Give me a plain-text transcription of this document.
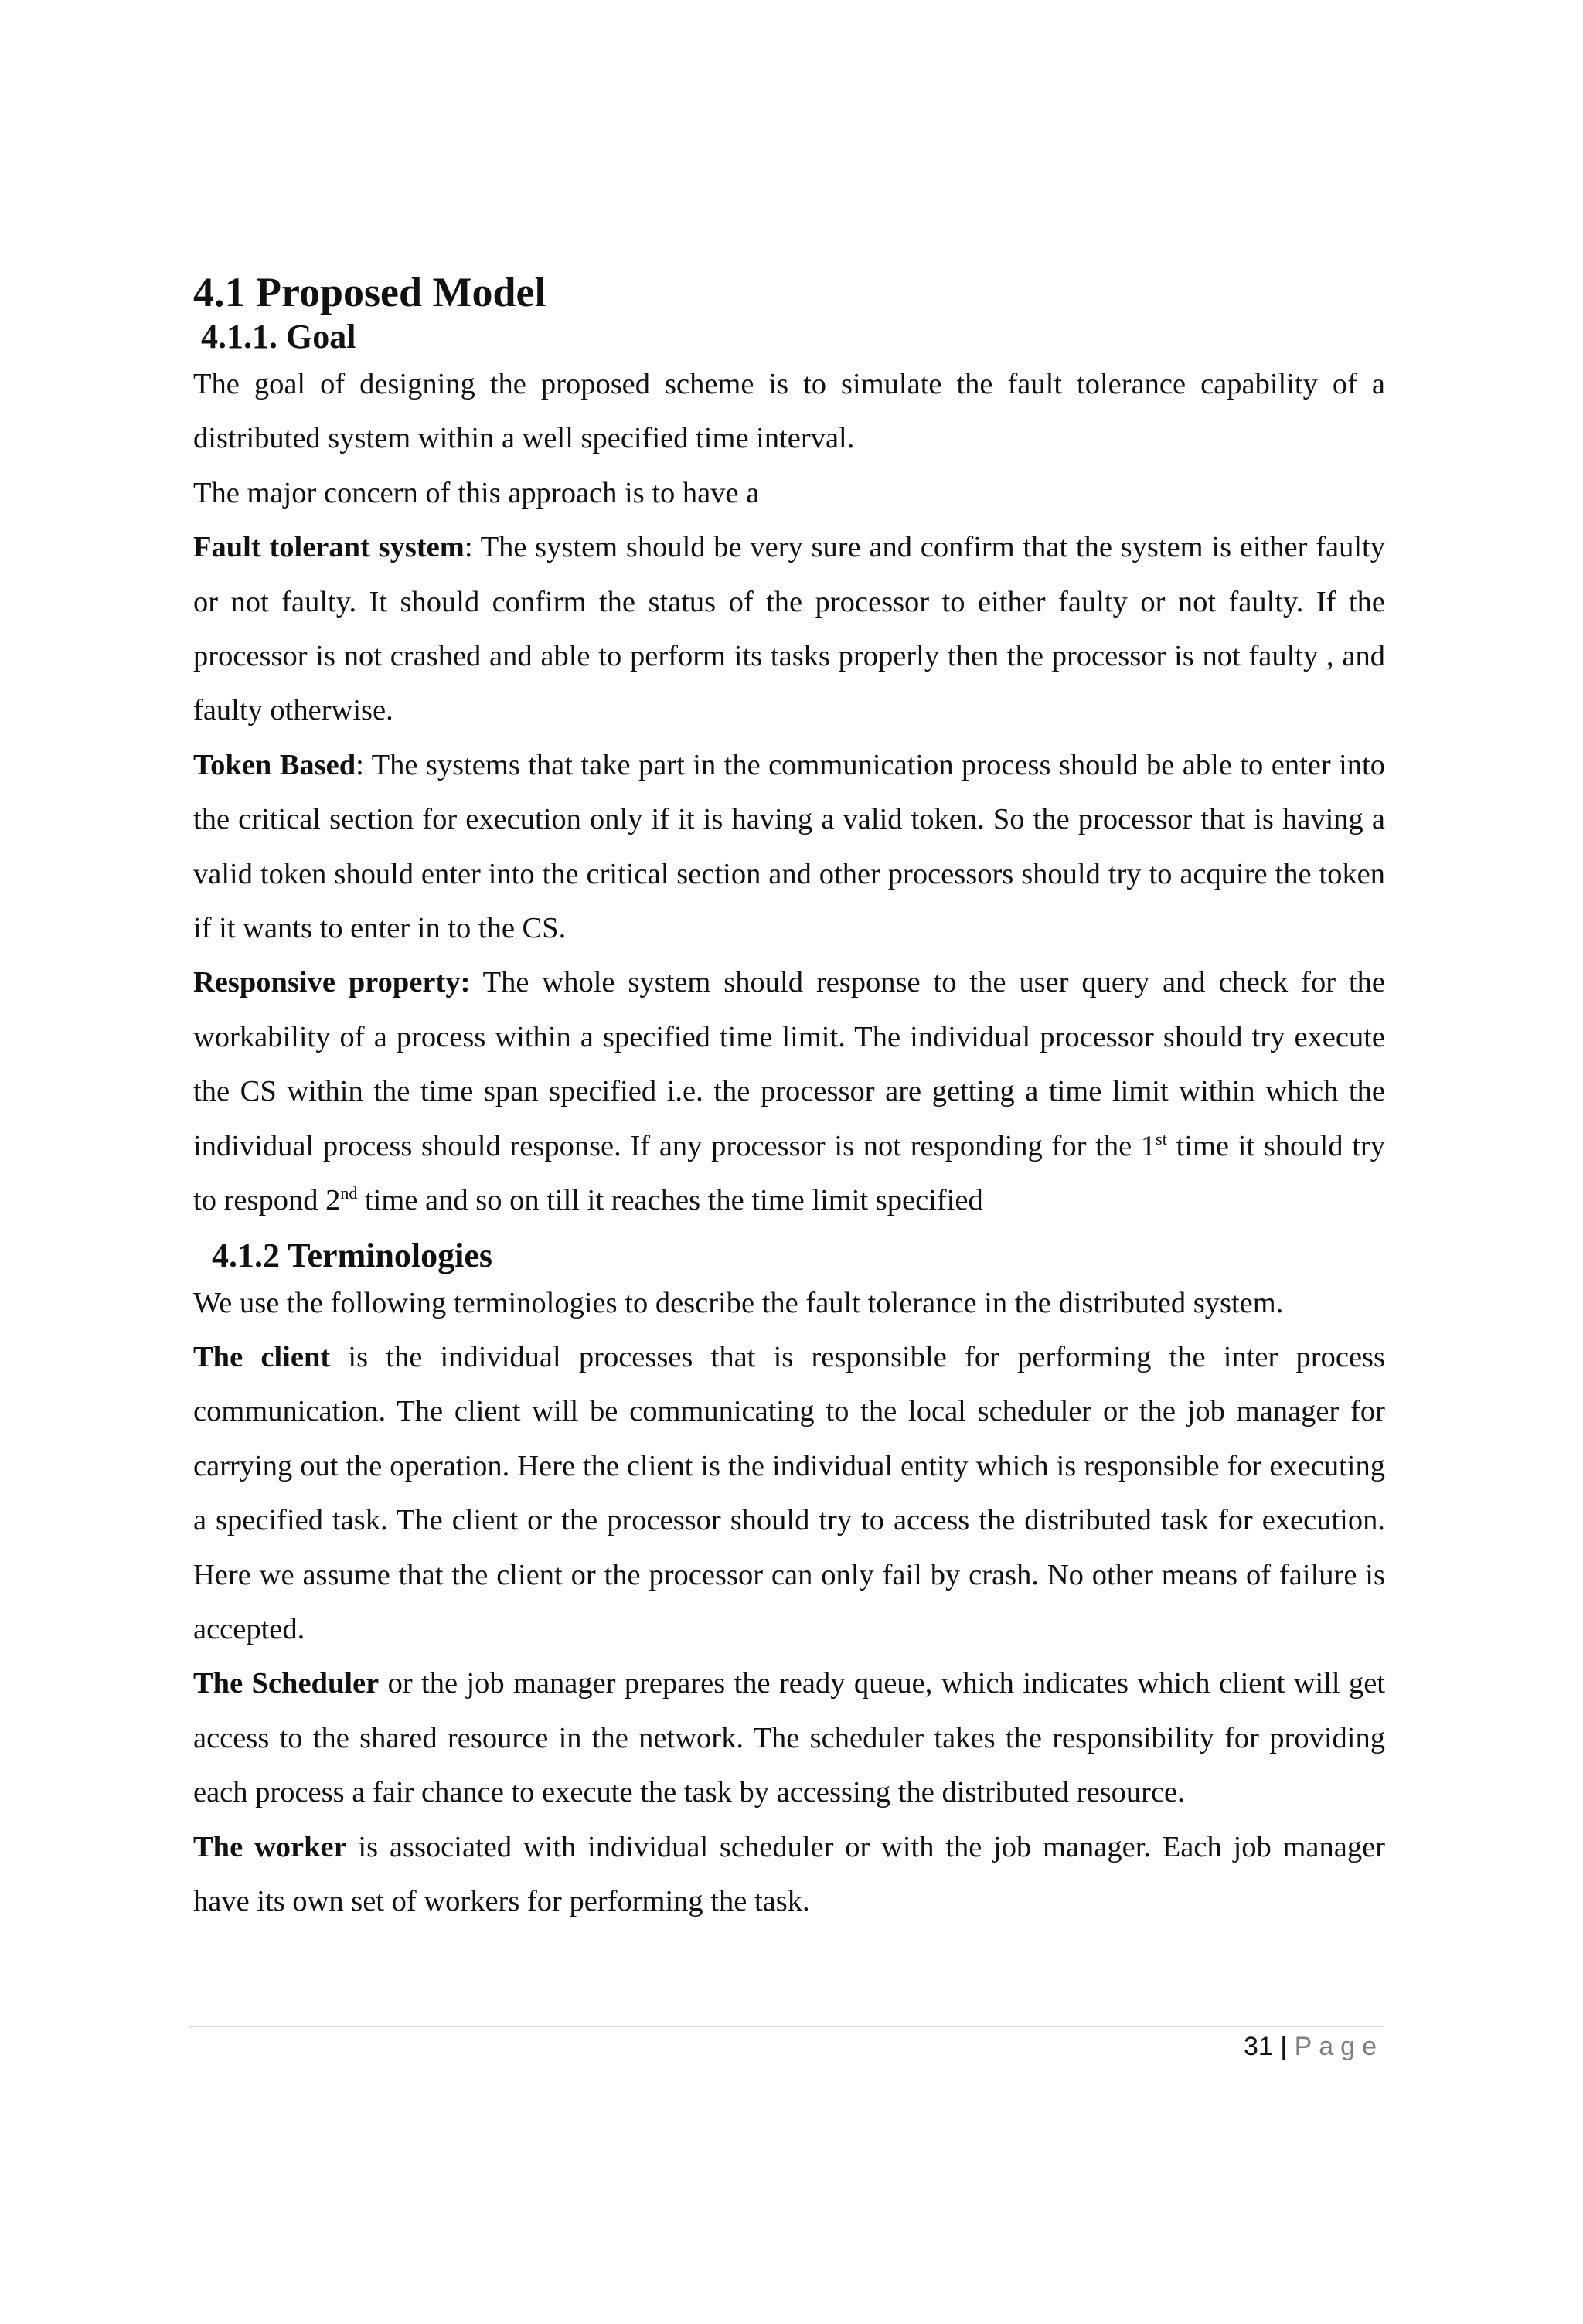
4.1 Proposed Model
4.1.1. Goal

The goal of designing the proposed scheme is to simulate the fault tolerance capability of a distributed system within a well specified time interval.

The major concern of this approach is to have a

Fault tolerant system: The system should be very sure and confirm that the system is either faulty or not faulty. It should confirm the status of the processor to either faulty or not faulty. If the processor is not crashed and able to perform its tasks properly then the processor is not faulty , and faulty otherwise.

Token Based: The systems that take part in the communication process should be able to enter into the critical section for execution only if it is having a valid token. So the processor that is having a valid token should enter into the critical section and other processors should try to acquire the token if it wants to enter in to the CS.

Responsive property: The whole system should response to the user query and check for the workability of a process within a specified time limit. The individual processor should try execute the CS within the time span specified i.e. the processor are getting a time limit within which the individual process should response. If any processor is not responding for the 1st time it should try to respond 2nd time and so on till it reaches the time limit specified

4.1.2 Terminologies

We use the following terminologies to describe the fault tolerance in the distributed system.

The client is the individual processes that is responsible for performing the inter process communication. The client will be communicating to the local scheduler or the job manager for carrying out the operation. Here the client is the individual entity which is responsible for executing a specified task. The client or the processor should try to access the distributed task for execution. Here we assume that the client or the processor can only fail by crash. No other means of failure is accepted.

The Scheduler or the job manager prepares the ready queue, which indicates which client will get access to the shared resource in the network. The scheduler takes the responsibility for providing each process a fair chance to execute the task by accessing the distributed resource.

The worker is associated with individual scheduler or with the job manager. Each job manager have its own set of workers for performing the task.

31 | Page
